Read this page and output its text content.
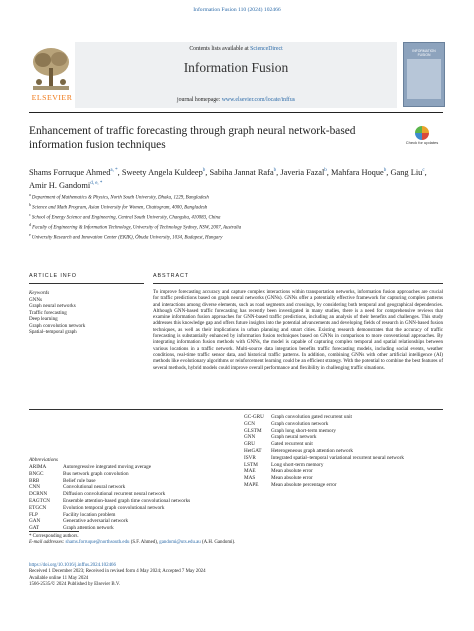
Information Fusion 110 (2024) 102466
ELSEVIER
Contents lists available at ScienceDirect
Information Fusion
journal homepage: www.elsevier.com/locate/inffus
INFORMATION FUSION
Enhancement of traffic forecasting through graph neural network-based information fusion techniques	Check for updates
Shams Forruque Ahmed$^{a, *}$, Sweety Angela Kuldeep$^b$, Sabiha Jannat Rafa$^b$, Javeria Fazal$^b$, Mahfara Hoque$^b$, Gang Liu$^c$, Amir H. Gandomi$^{d, e, *}$
$^a$ Department of Mathematics & Physics, North South University, Dhaka, 1229, Bangladesh
$^b$ Science and Math Program, Asian University for Women, Chattogram, 4000, Bangladesh
$^c$ School of Energy Science and Engineering, Central South University, Changsha, 410083, China
$^d$ Faculty of Engineering & Information Technology, University of Technology Sydney, NSW, 2007, Australia
$^e$ University Research and Innovation Center (EKIK), Óbuda University, 1034, Budapest, Hungary
ARTICLE INFO	ABSTRACT
Keywords
GNNs
Graph neural networks
Traffic forecasting
Deep learning
Graph convolution network
Spatial–temporal graph
To improve forecasting accuracy and capture complex interactions within transportation networks, information fusion approaches are crucial for traffic predictions based on graph neural networks (GNNs). GNNs offer a potentially effective framework for capturing complex patterns and interactions among diverse elements, such as road segments and crossings, by considering both temporal and geographical dependencies. Although GNN-based traffic forecasting has recently been investigated in many studies, there is a need for comprehensive reviews that examine information fusion approaches for GNN-based traffic predictions, including an analysis of their benefits and challenges. This study addresses this knowledge gap and offers future insights into the potential advancements and developing fields of research in GNN-based fusion techniques, as well as their implications in urban planning and smart cities. Existing research demonstrates that the accuracy of traffic forecasting is substantially enhanced by information fusion techniques based on GNNs in comparison to more conventional approaches. By integrating information fusion methods with GNNs, the model is capable of capturing complex temporal and spatial relationships between various locations in a traffic network. Multi-source data integration benefits traffic forecasting models, including social events, weather conditions, real-time traffic sensor data, and historical traffic patterns. In addition, combining GNNs with other artificial intelligence (AI) methods like evolutionary algorithms or reinforcement learning could be an efficient strategy. With the potential to combine the best features of several methods, hybrid models could improve overall performance and flexibility in challenging traffic situations.
Abbreviations
ARIMA	Autoregressive integrated moving average
BNGC	Bus network graph convolution
BRB	Belief rule base
CNN	Convolutional neural network
DCRNN	Diffusion convolutional recurrent neural network
EAGTCN	Ensemble attention-based graph time convolutional networks
ETGCN	Evolution temporal graph convolutional network
FLP	Facility location problem
GAN	Generative adversarial network
GAT	Graph attention network
GC-GRU	Graph convolution gated recurrent unit
GCN	Graph convolution network
GLSTM	Graph long short-term memory
GNN	Graph neural network
GRU	Gated recurrent unit
HetGAT	Heterogeneous graph attention network
ISVR	Integrated spatial–temporal variational recurrent neural network
LSTM	Long short-term memory
MAE	Mean absolute error
MAS	Mean absolute error
MAPE	Mean absolute percentage error
* Corresponding authors.
E-mail addresses: shams.forruque@northsouth.edu (S.F. Ahmed), gandomi@uts.edu.au (A.H. Gandomi).
https://doi.org/10.1016/j.inffus.2024.102466
Received 1 December 2023; Received in revised form 4 May 2024; Accepted 7 May 2024
Available online 11 May 2024
1566-2535/© 2024 Published by Elsevier B.V.
